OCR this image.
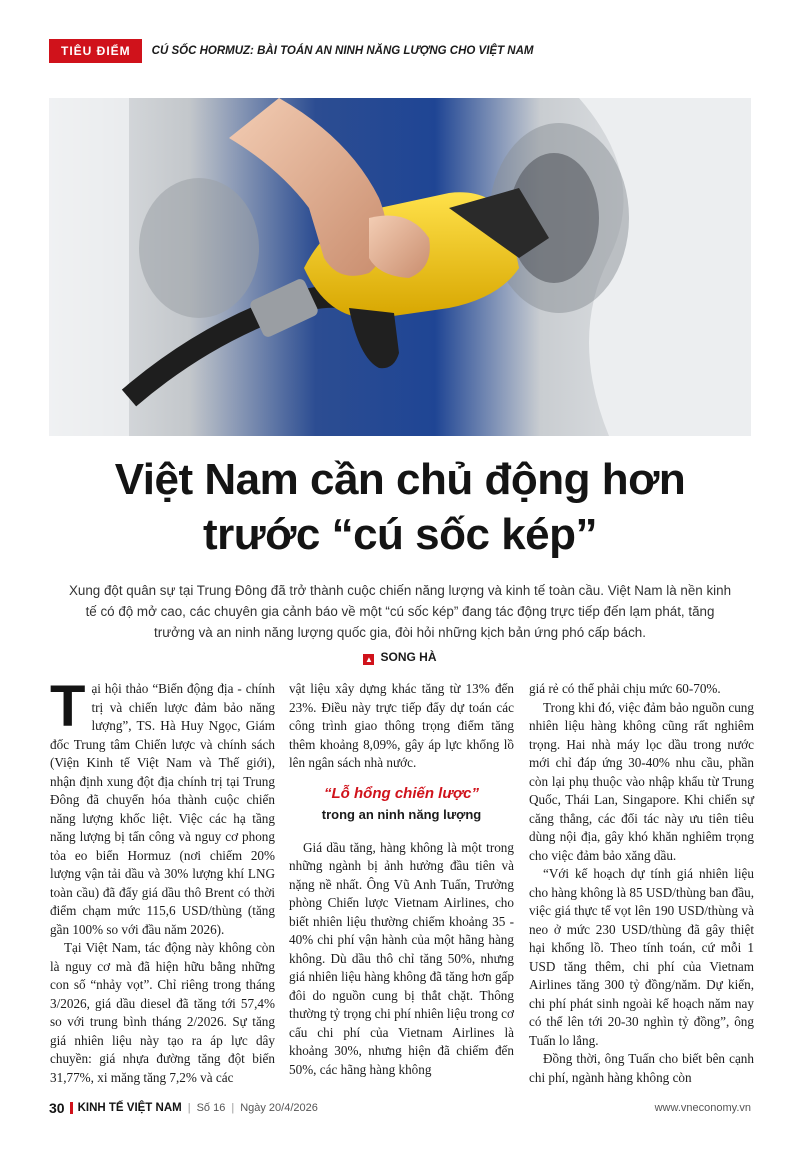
TIÊU ĐIỂM	CÚ SỐC HORMUZ: BÀI TOÁN AN NINH NĂNG LƯỢNG CHO VIỆT NAM
Việt Nam cần chủ động hơn
trước “cú sốc kép”
Xung đột quân sự tại Trung Đông đã trở thành cuộc chiến năng lượng và kinh tế toàn cầu. Việt Nam là nền kinh tế có độ mở cao, các chuyên gia cảnh báo về một “cú sốc kép” đang tác động trực tiếp đến lạm phát, tăng trưởng và an ninh năng lượng quốc gia, đòi hỏi những kịch bản ứng phó cấp bách.
▲ SONG HÀ

Tại hội thảo “Biến động địa - chính trị và chiến lược đảm bảo năng lượng”, TS. Hà Huy Ngọc, Giám đốc Trung tâm Chiến lược và chính sách (Viện Kinh tế Việt Nam và Thế giới), nhận định xung đột địa chính trị tại Trung Đông đã chuyển hóa thành cuộc chiến năng lượng khốc liệt. Việc các hạ tầng năng lượng bị tấn công và nguy cơ phong tỏa eo biển Hormuz (nơi chiếm 20% lượng vận tải dầu và 30% lượng khí LNG toàn cầu) đã đẩy giá dầu thô Brent có thời điểm chạm mức 115,6 USD/thùng (tăng gần 100% so với đầu năm 2026).

Tại Việt Nam, tác động này không còn là nguy cơ mà đã hiện hữu bằng những con số “nhảy vọt”. Chỉ riêng trong tháng 3/2026, giá dầu diesel đã tăng tới 57,4% so với trung bình tháng 2/2026. Sự tăng giá nhiên liệu này tạo ra áp lực dây chuyền: giá nhựa đường tăng đột biến 31,77%, xi măng tăng 7,2% và các

vật liệu xây dựng khác tăng từ 13% đến 23%. Điều này trực tiếp đẩy dự toán các công trình giao thông trọng điểm tăng thêm khoảng 8,09%, gây áp lực khổng lồ lên ngân sách nhà nước.

“Lỗ hổng chiến lược”
trong an ninh năng lượng

Giá dầu tăng, hàng không là một trong những ngành bị ảnh hưởng đầu tiên và nặng nề nhất. Ông Vũ Anh Tuấn, Trưởng phòng Chiến lược Vietnam Airlines, cho biết nhiên liệu thường chiếm khoảng 35 - 40% chi phí vận hành của một hãng hàng không. Dù dầu thô chỉ tăng 50%, nhưng giá nhiên liệu hàng không đã tăng hơn gấp đôi do nguồn cung bị thắt chặt. Thông thường tỷ trọng chi phí nhiên liệu trong cơ cấu chi phí của Vietnam Airlines là khoảng 30%, nhưng hiện đã chiếm đến 50%, các hãng hàng không

giá rẻ có thể phải chịu mức 60-70%.

Trong khi đó, việc đảm bảo nguồn cung nhiên liệu hàng không cũng rất nghiêm trọng. Hai nhà máy lọc dầu trong nước mới chỉ đáp ứng 30-40% nhu cầu, phần còn lại phụ thuộc vào nhập khẩu từ Trung Quốc, Thái Lan, Singapore. Khi chiến sự căng thẳng, các đối tác này ưu tiên tiêu dùng nội địa, gây khó khăn nghiêm trọng cho việc đảm bảo xăng dầu.

“Với kế hoạch dự tính giá nhiên liệu cho hàng không là 85 USD/thùng ban đầu, việc giá thực tế vọt lên 190 USD/thùng và neo ở mức 230 USD/thùng đã gây thiệt hại khổng lồ. Theo tính toán, cứ mỗi 1 USD tăng thêm, chi phí của Vietnam Airlines tăng 300 tỷ đồng/năm. Dự kiến, chi phí phát sinh ngoài kế hoạch năm nay có thể lên tới 20-30 nghìn tỷ đồng”, ông Tuấn lo lắng.

Đồng thời, ông Tuấn cho biết bên cạnh chi phí, ngành hàng không còn

30 KINH TẾ VIỆT NAM | Số 16 | Ngày 20/4/2026	www.vneconomy.vn
